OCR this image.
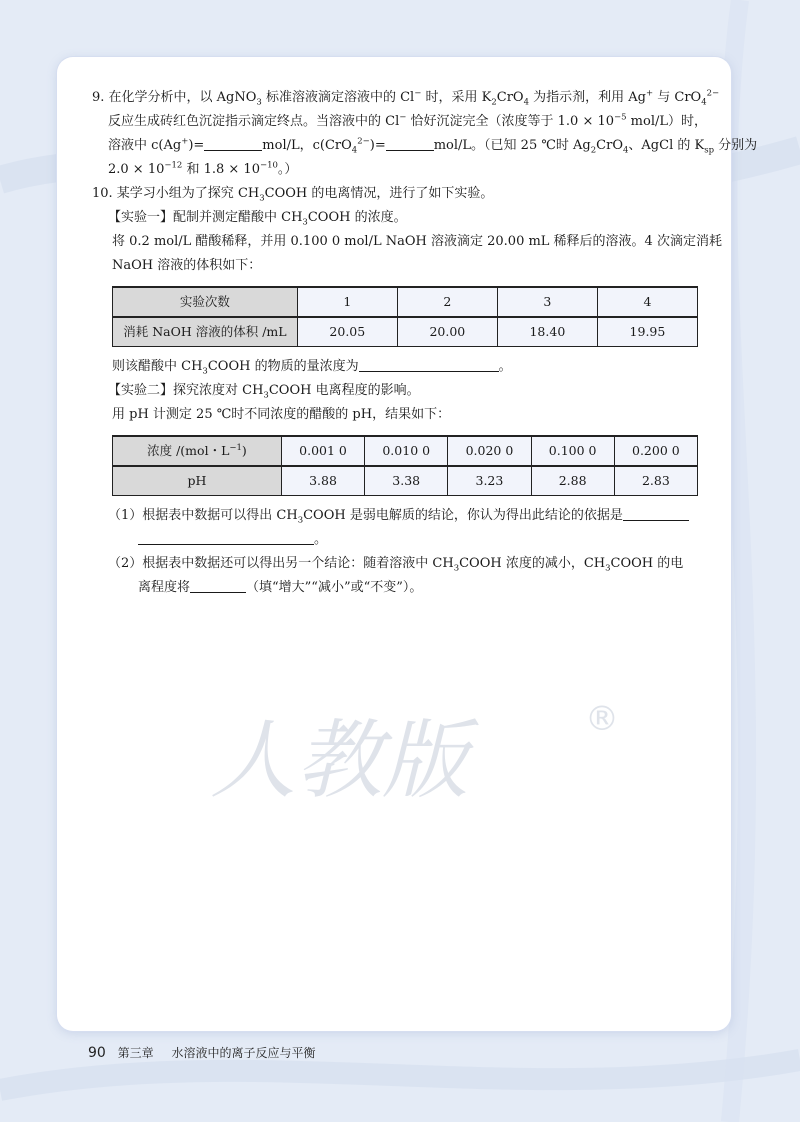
9. 在化学分析中，以 AgNO$_3$ 标准溶液滴定溶液中的 Cl− 时，采用 $K_2CrO_4$ 为指示剂，利用 Ag+ 与 CrO$_4^{2-}$

反应生成砖红色沉淀指示滴定终点。当溶液中的 Cl− 恰好沉淀完全（浓度等于 $1.0 \times 10^{-5}$ mol/L）时，

溶液中 c(Ag+)=	mol/L，c(CrO$_4^{2-}$)=	mol/L。（已知 25 ℃时 $Ag_2CrO_4$、AgCl 的 $K_{sp}$ 分别为

$2.0 \times 10^{-12}$ 和 $1.8 \times 10^{-10}$。）

10. 某学习小组为了探究 $CH_3COOH$ 的电离情况，进行了如下实验。

【实验一】配制并测定醋酸中 $CH_3COOH$ 的浓度。

将 0.2 mol/L 醋酸稀释，并用 0.100 0 mol/L NaOH 溶液滴定 20.00 mL 稀释后的溶液。4 次滴定消耗

NaOH 溶液的体积如下：

实验次数	1	2	3	4
消耗 NaOH 溶液的体积 /mL	20.05	20.00	18.40	19.95

则该醋酸中 $CH_3COOH$ 的物质的量浓度为	。

【实验二】探究浓度对 $CH_3COOH$ 电离程度的影响。

用 pH 计测定 25 ℃时不同浓度的醋酸的 pH，结果如下：

浓度 /(mol・$L^{-1}$)	0.001 0	0.010 0	0.020 0	0.100 0	0.200 0
pH	3.88	3.38	3.23	2.88	2.83

（1）根据表中数据可以得出 $CH_3COOH$ 是弱电解质的结论，你认为得出此结论的依据是

。

（2）根据表中数据还可以得出另一个结论：随着溶液中 $CH_3COOH$ 浓度的减小，$CH_3COOH$ 的电

离程度将	（填“增大”“减小”或“不变”）。

人教版	®
90 第三章 水溶液中的离子反应与平衡
